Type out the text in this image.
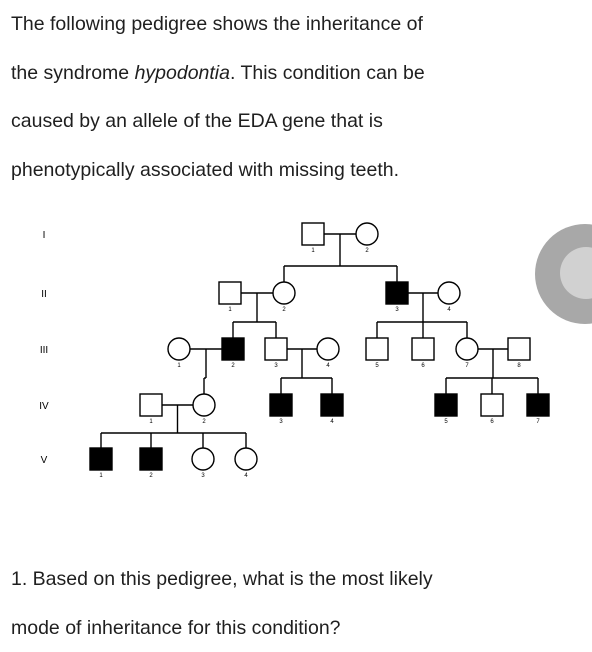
The following pedigree shows the inheritance of
the syndrome hypodontia. This condition can be
caused by an allele of the EDA gene that is
phenotypically associated with missing teeth.
I
II
III
IV
V
1	2
1	2	3	4
1	2	3	4	5	6	7	8
1	2	3	4	5	6	7
1	2	3	4
1. Based on this pedigree, what is the most likely
mode of inheritance for this condition?
